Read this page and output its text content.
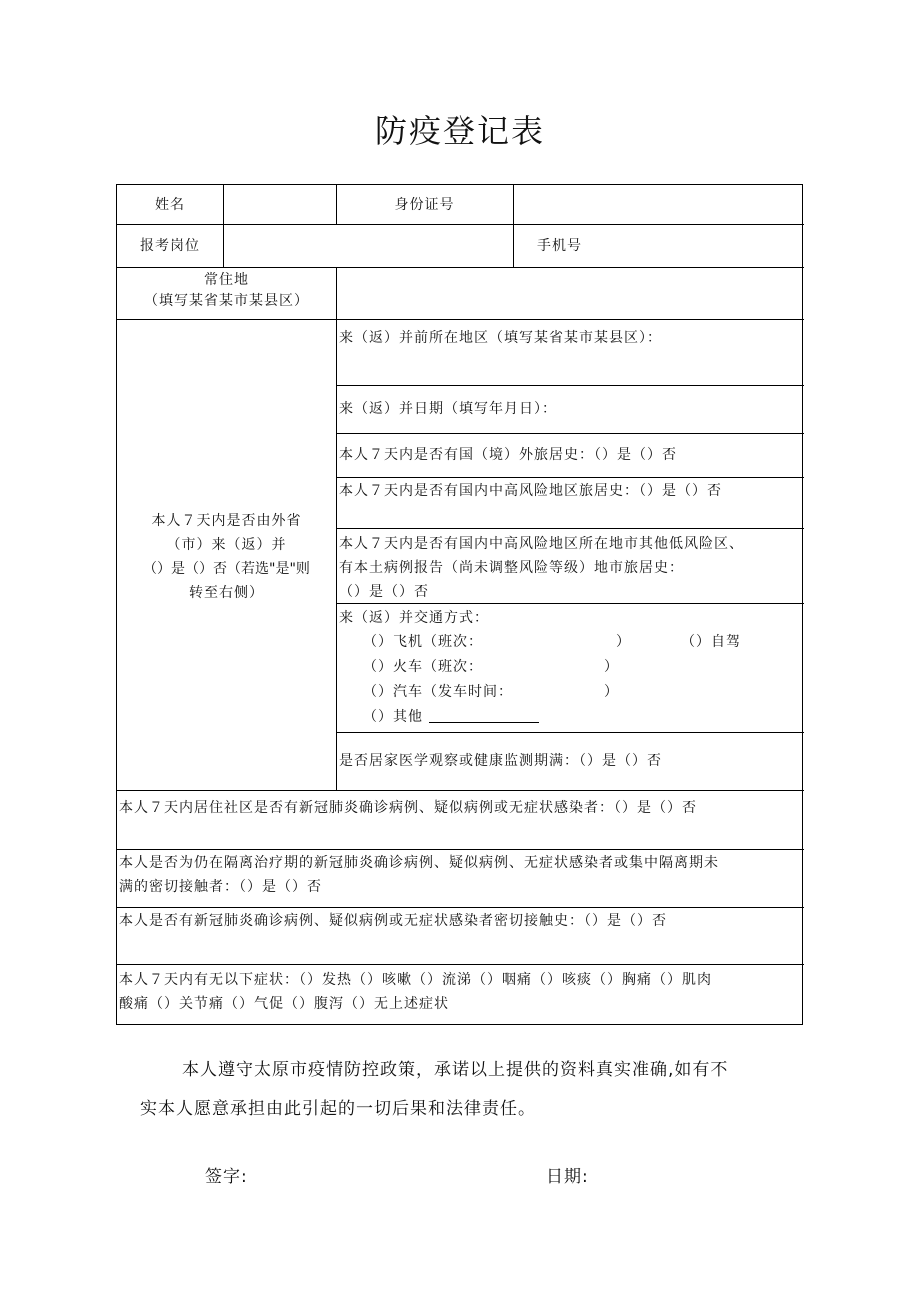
防疫登记表
姓名	身份证号
报考岗位	手机号
常住地
（填写某省某市某县区）
本人７天内是否由外省
（市）来（返）并
（）是（）否（若选"是"则
转至右侧）
来（返）并前所在地区（填写某省某市某县区）：
来（返）并日期（填写年月日）：
本人７天内是否有国（境）外旅居史：（）是（）否
本人７天内是否有国内中高风险地区旅居史：（）是（）否
本人７天内是否有国内中高风险地区所在地市其他低风险区、
有本土病例报告（尚未调整风险等级）地市旅居史：
（）是（）否
来（返）并交通方式：
（）飞机（班次：	）	（）自驾
（）火车（班次：	）
（）汽车（发车时间：	）
（）其他
是否居家医学观察或健康监测期满：（）是（）否
本人７天内居住社区是否有新冠肺炎确诊病例、疑似病例或无症状感染者：（）是（）否
本人是否为仍在隔离治疗期的新冠肺炎确诊病例、疑似病例、无症状感染者或集中隔离期未
满的密切接触者：（）是（）否
本人是否有新冠肺炎确诊病例、疑似病例或无症状感染者密切接触史：（）是（）否
本人７天内有无以下症状：（）发热（）咳嗽（）流涕（）咽痛（）咳痰（）胸痛（）肌肉
酸痛（）关节痛（）气促（）腹泻（）无上述症状
本人遵守太原市疫情防控政策，承诺以上提供的资料真实准确,如有不
实本人愿意承担由此引起的一切后果和法律责任。
签字:	日期:
